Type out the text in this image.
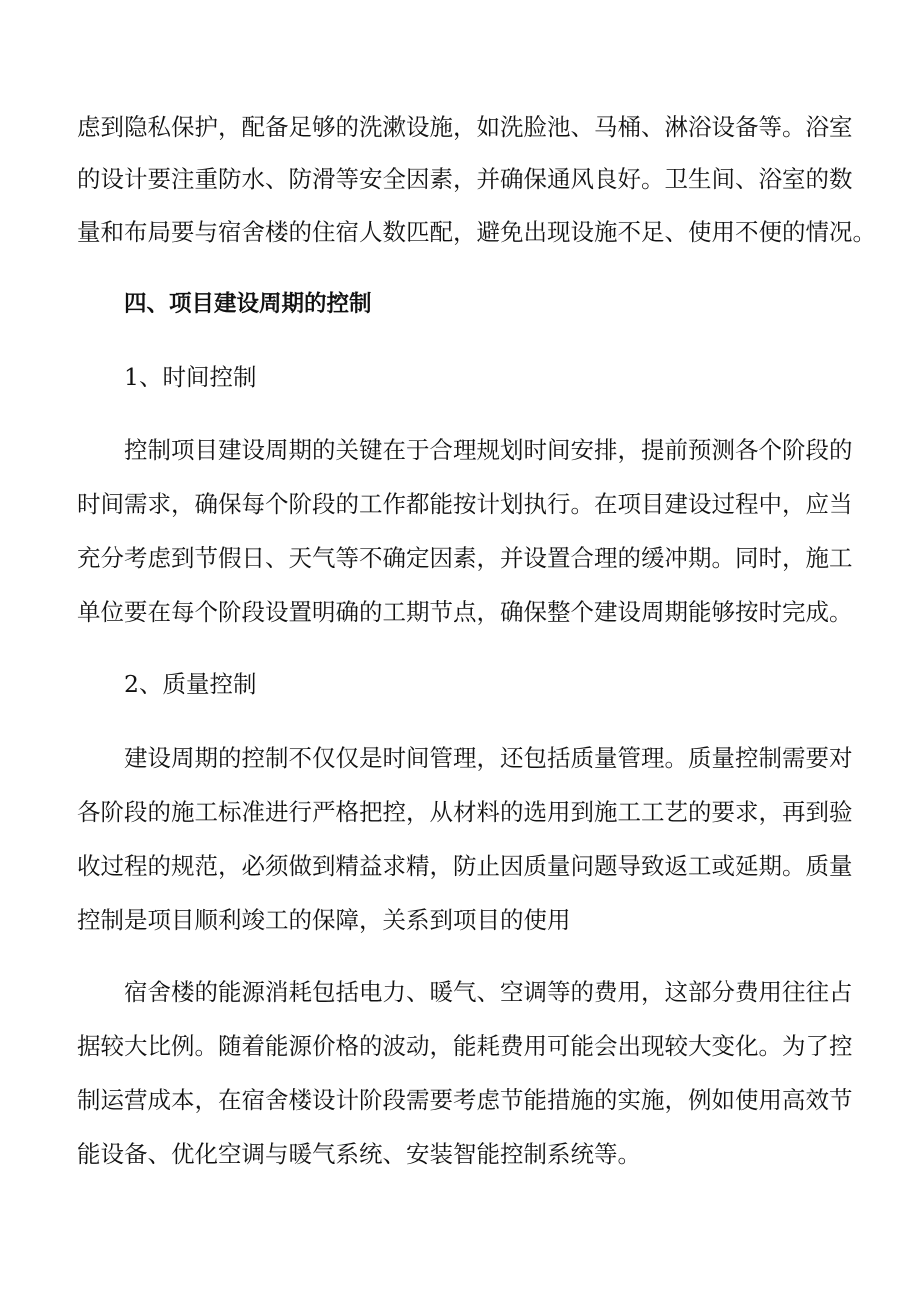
虑 到 隐 私 保 护 ， 配 备 足 够 的 洗 漱 设 施 ， 如 洗 脸 池 、 马 桶 、 淋 浴 设 备 等 。 浴 室
的 设 计 要 注 重 防 水 、 防 滑 等 安 全 因 素 ， 并 确 保 通 风 良 好 。 卫 生 间 、 浴 室 的 数
量和布局要与宿舍楼的住宿人数匹配，避免出现设施不足、使用不便的情况。
四、项目建设周期的控制
1、时间控制
控制项目建设周期的关键在于合理规划时间安排，提前预测各个阶段的
时 间 需 求 ， 确 保 每 个 阶 段 的 工 作 都 能 按 计 划 执 行 。 在 项 目 建 设 过 程 中 ， 应 当
充 分 考 虑 到 节 假 日 、 天 气 等 不 确 定 因 素 ， 并 设 置 合 理 的 缓 冲 期 。 同 时 ， 施 工
单位要在每个阶段设置明确的工期节点，确保整个建设周期能够按时完成。
2、质量控制
建设周期的控制不仅仅是时间管理，还包括质量管理。质量控制需要对
各 阶 段 的 施 工 标 准 进 行 严 格 把 控 ， 从 材 料 的 选 用 到 施 工 工 艺 的 要 求 ， 再 到 验
收 过 程 的 规 范 ， 必 须 做 到 精 益 求 精 ， 防 止 因 质 量 问 题 导 致 返 工 或 延 期 。 质 量
控制是项目顺利竣工的保障，关系到项目的使用
宿舍楼的能源消耗包括电力、暖气、空调等的费用，这部分费用往往占
据 较 大 比 例 。 随 着 能 源 价 格 的 波 动 ， 能 耗 费 用 可 能 会 出 现 较 大 变 化 。 为 了 控
制 运 营 成 本 ， 在 宿 舍 楼 设 计 阶 段 需 要 考 虑 节 能 措 施 的 实 施 ， 例 如 使 用 高 效 节
能设备、优化空调与暖气系统、安装智能控制系统等。
